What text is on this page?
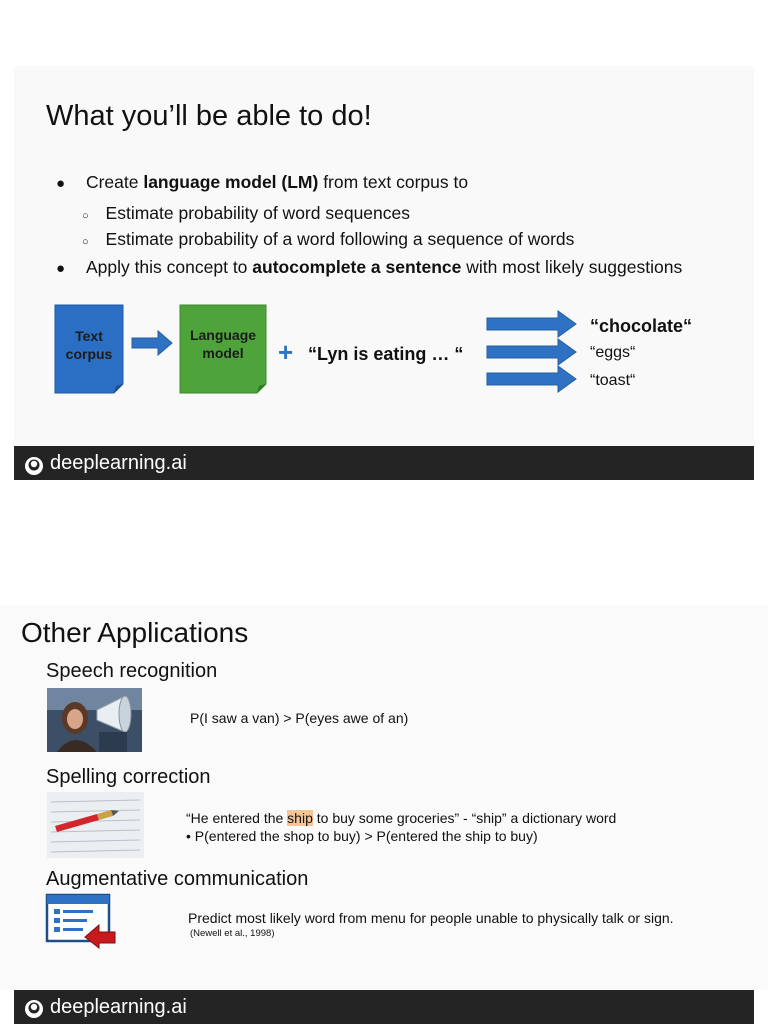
What you’ll be able to do!
● Create language model (LM) from text corpus to
○ Estimate probability of word sequences
○ Estimate probability of a word following a sequence of words
● Apply this concept to autocomplete a sentence with most likely suggestions
Text
corpus
Language
model	+ “Lyn is eating … “
“chocolate“
“eggs“
“toast“
deeplearning.ai
Other Applications
Speech recognition
P(I saw a van) > P(eyes awe of an)
Spelling correction
“He entered the ship to buy some groceries” - “ship” a dictionary word
• P(entered the shop to buy) > P(entered the ship to buy)
Augmentative communication
Predict most likely word from menu for people unable to physically talk or sign.
(Newell et al., 1998)
deeplearning.ai
